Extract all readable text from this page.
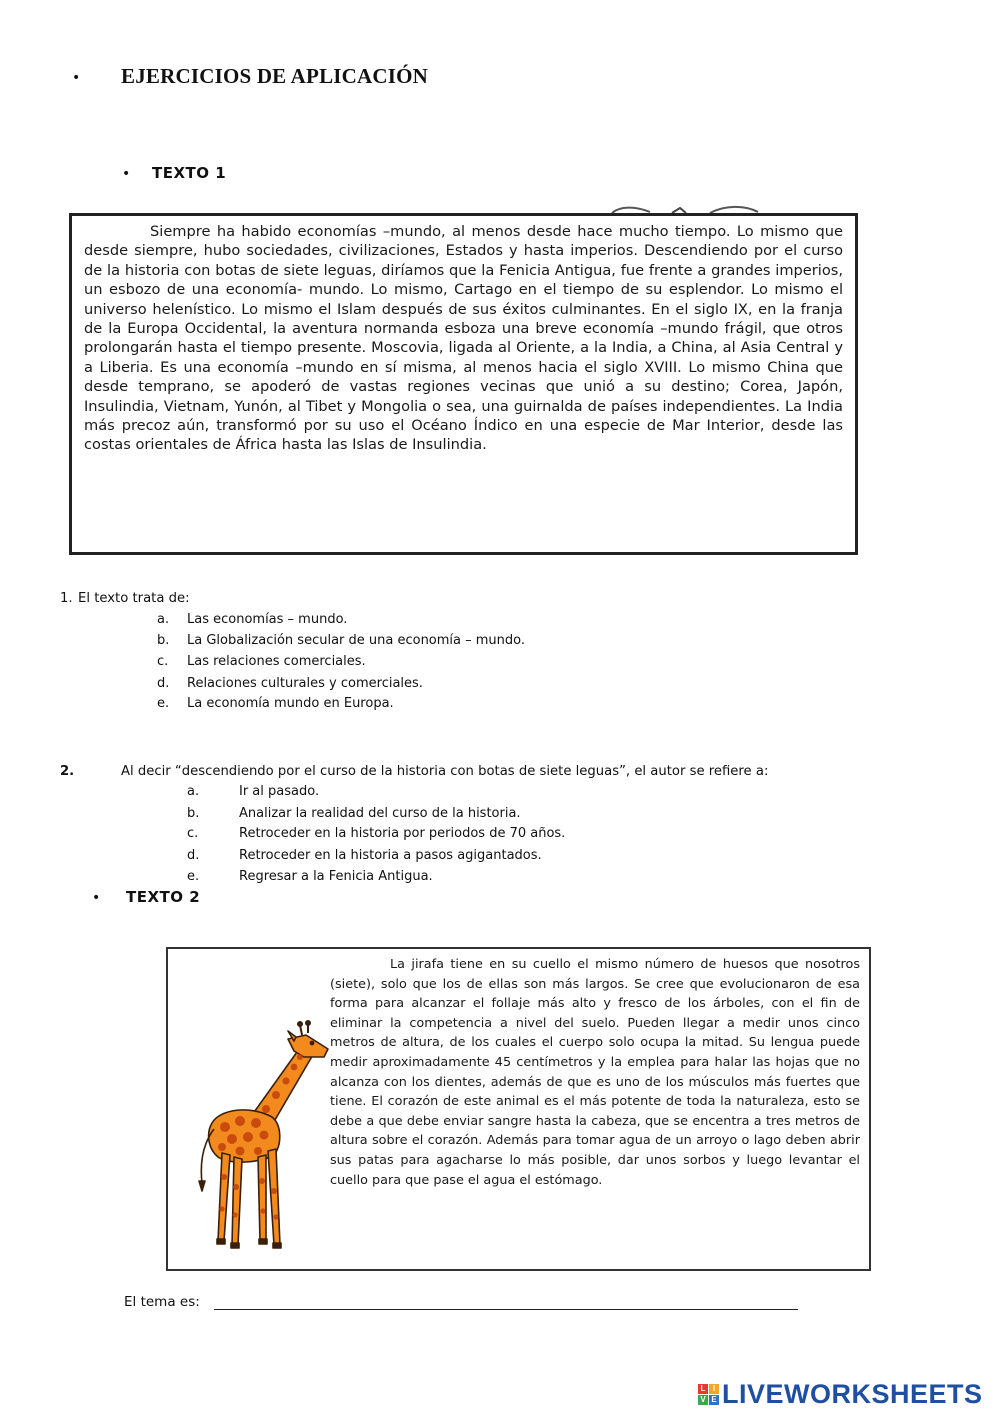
• EJERCICIOS DE APLICACIÓN
• TEXTO 1
Siempre ha habido economías –mundo, al menos desde hace mucho tiempo. Lo mismo que desde siempre, hubo sociedades, civilizaciones, Estados y hasta imperios. Descendiendo por el curso de la historia con botas de siete leguas, diríamos que la Fenicia Antigua, fue frente a grandes imperios, un esbozo de una economía- mundo. Lo mismo, Cartago en el tiempo de su esplendor. Lo mismo el universo helenístico. Lo mismo el Islam después de sus éxitos culminantes. En el siglo IX, en la franja de la Europa Occidental, la aventura normanda esboza una breve economía –mundo frágil, que otros prolongarán hasta el tiempo presente. Moscovia, ligada al Oriente, a la India, a China, al Asia Central y a Liberia. Es una economía –mundo en sí misma, al menos hacia el siglo XVIII. Lo mismo China que desde temprano, se apoderó de vastas regiones vecinas que unió a su destino; Corea, Japón, Insulindia, Vietnam, Yunón, al Tibet y Mongolia o sea, una guirnalda de países independientes. La India más precoz aún, transformó por su uso el Océano Índico en una especie de Mar Interior, desde las costas orientales de África hasta las Islas de Insulindia.
1. El texto trata de:
a. Las economías – mundo.
b. La Globalización secular de una economía – mundo.
c. Las relaciones comerciales.
d. Relaciones culturales y comerciales.
e. La economía mundo en Europa.
2.	Al decir “descendiendo por el curso de la historia con botas de siete leguas”, el autor se refiere a:
a.	Ir al pasado.
b.	Analizar la realidad del curso de la historia.
c.	Retroceder en la historia por periodos de 70 años.
d.	Retroceder en la historia a pasos agigantados.
e.	Regresar a la Fenicia Antigua.
• TEXTO 2
La jirafa tiene en su cuello el mismo número de huesos que nosotros (siete), solo que los de ellas son más largos. Se cree que evolucionaron de esa forma para alcanzar el follaje más alto y fresco de los árboles, con el fin de eliminar la competencia a nivel del suelo. Pueden llegar a medir unos cinco metros de altura, de los cuales el cuerpo solo ocupa la mitad. Su lengua puede medir aproximadamente 45 centímetros y la emplea para halar las hojas que no alcanza con los dientes, además de que es uno de los músculos más fuertes que tiene. El corazón de este animal es el más potente de toda la naturaleza, esto se debe a que debe enviar sangre hasta la cabeza, que se encentra a tres metros de altura sobre el corazón. Además para tomar agua de un arroyo o lago deben abrir sus patas para agacharse lo más posible, dar unos sorbos y luego levantar el cuello para que pase el agua el estómago.
El tema es:
L I
V E LIVEWORKSHEETS
